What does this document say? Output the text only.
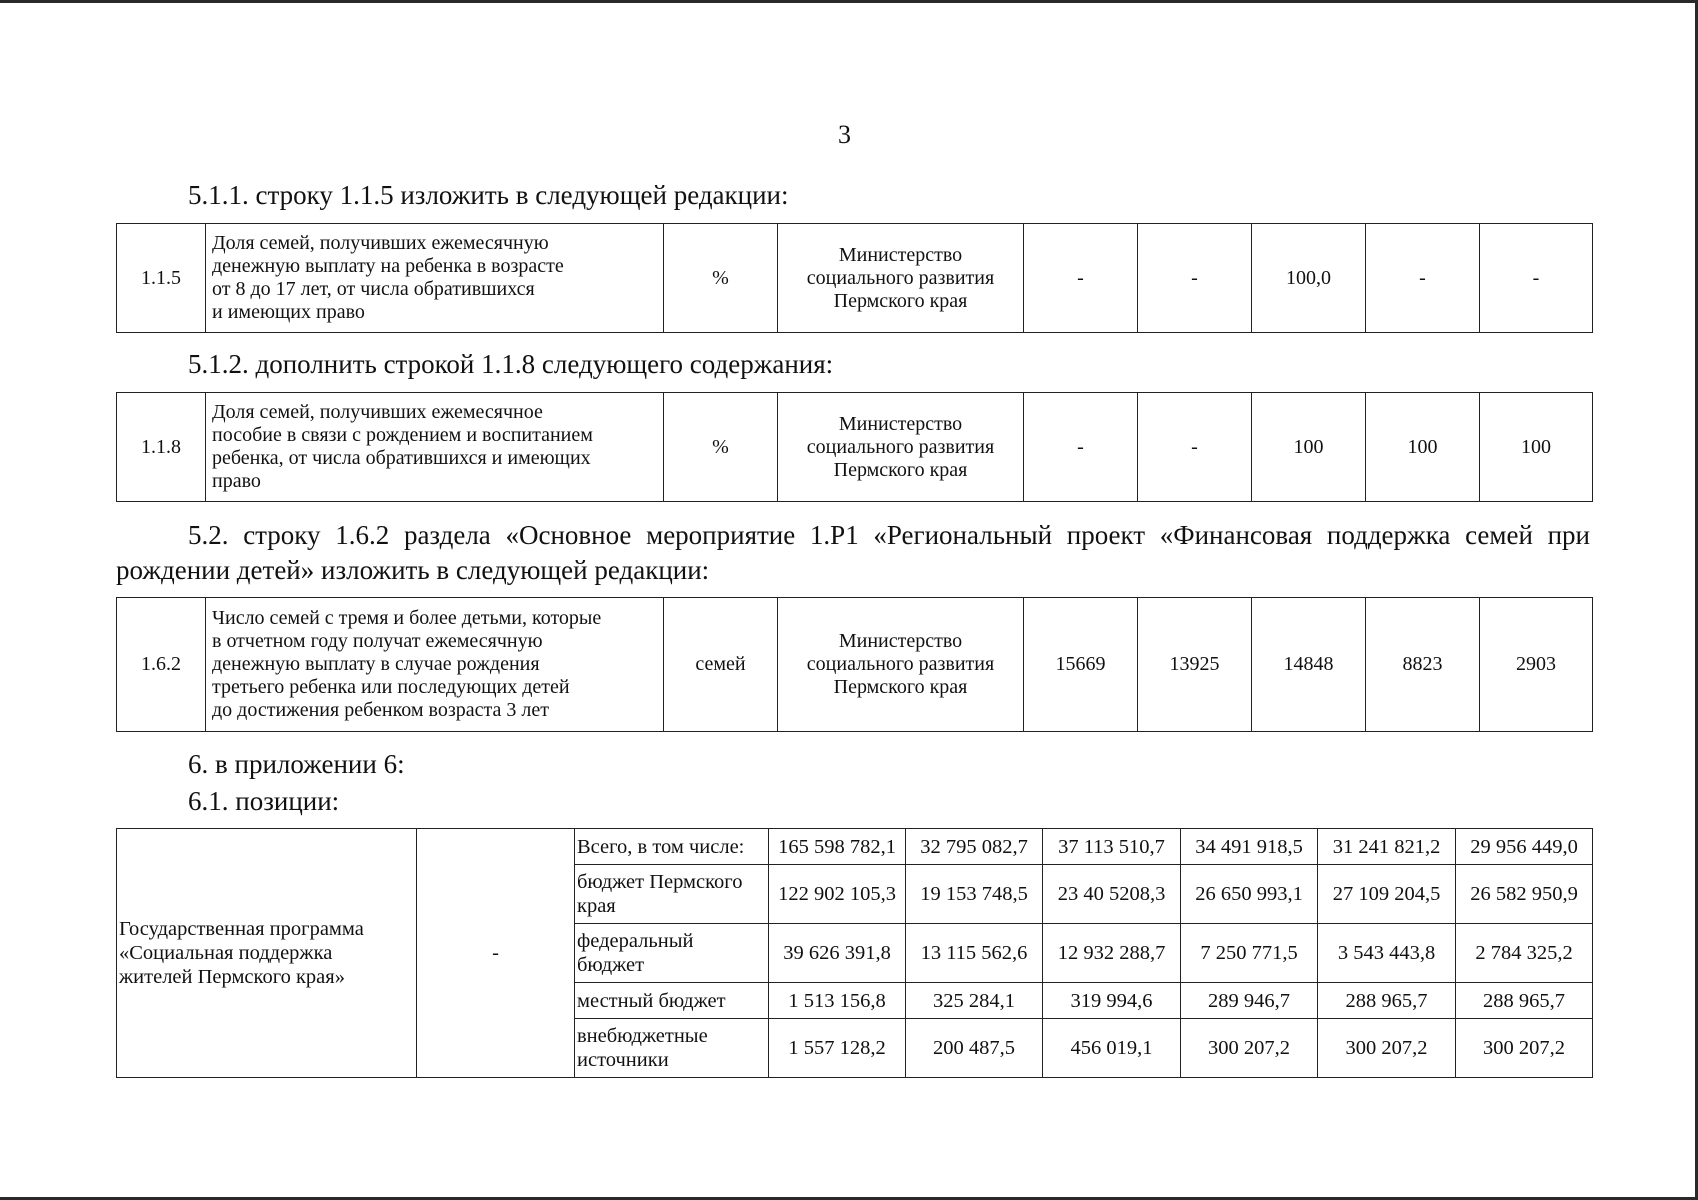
3
5.1.1. строку 1.1.5 изложить в следующей редакции:
1.1.5	
Доля семей, получивших ежемесячную
денежную выплату на ребенка в возрасте
от 8 до 17 лет, от числа обратившихся
и имеющих право
	%	
Министерство
социального развития
Пермского края
	-	-	100,0	-	-
5.1.2. дополнить строкой 1.1.8 следующего содержания:
1.1.8	
Доля семей, получивших ежемесячное
пособие в связи с рождением и воспитанием
ребенка, от числа обратившихся и имеющих
право
	%	
Министерство
социального развития
Пермского края
	-	-	100	100	100
5.2. строку 1.6.2 раздела «Основное мероприятие 1.Р1 «Региональный проект «Финансовая поддержка семей при рождении детей» изложить в следующей редакции:
1.6.2	
Число семей с тремя и более детьми, которые
в отчетном году получат ежемесячную
денежную выплату в случае рождения
третьего ребенка или последующих детей
до достижения ребенком возраста 3 лет
	семей	
Министерство
социального развития
Пермского края
	15669	13925	14848	8823	2903
6. в приложении 6:
6.1. позиции:
Государственная программа
«Социальная поддержка
жителей Пермского края»	-	Всего, в том числе:	165 598 782,1	32 795 082,7	37 113 510,7	34 491 918,5	31 241 821,2	29 956 449,0

		бюджет Пермского
края	122 902 105,3	19 153 748,5	23 40 5208,3	26 650 993,1	27 109 204,5	26 582 950,9

		федеральный
бюджет	39 626 391,8	13 115 562,6	12 932 288,7	7 250 771,5	3 543 443,8	2 784 325,2
		местный бюджет	1 513 156,8	325 284,1	319 994,6	289 946,7	288 965,7	288 965,7

		внебюджетные
источники	1 557 128,2	200 487,5	456 019,1	300 207,2	300 207,2	300 207,2
